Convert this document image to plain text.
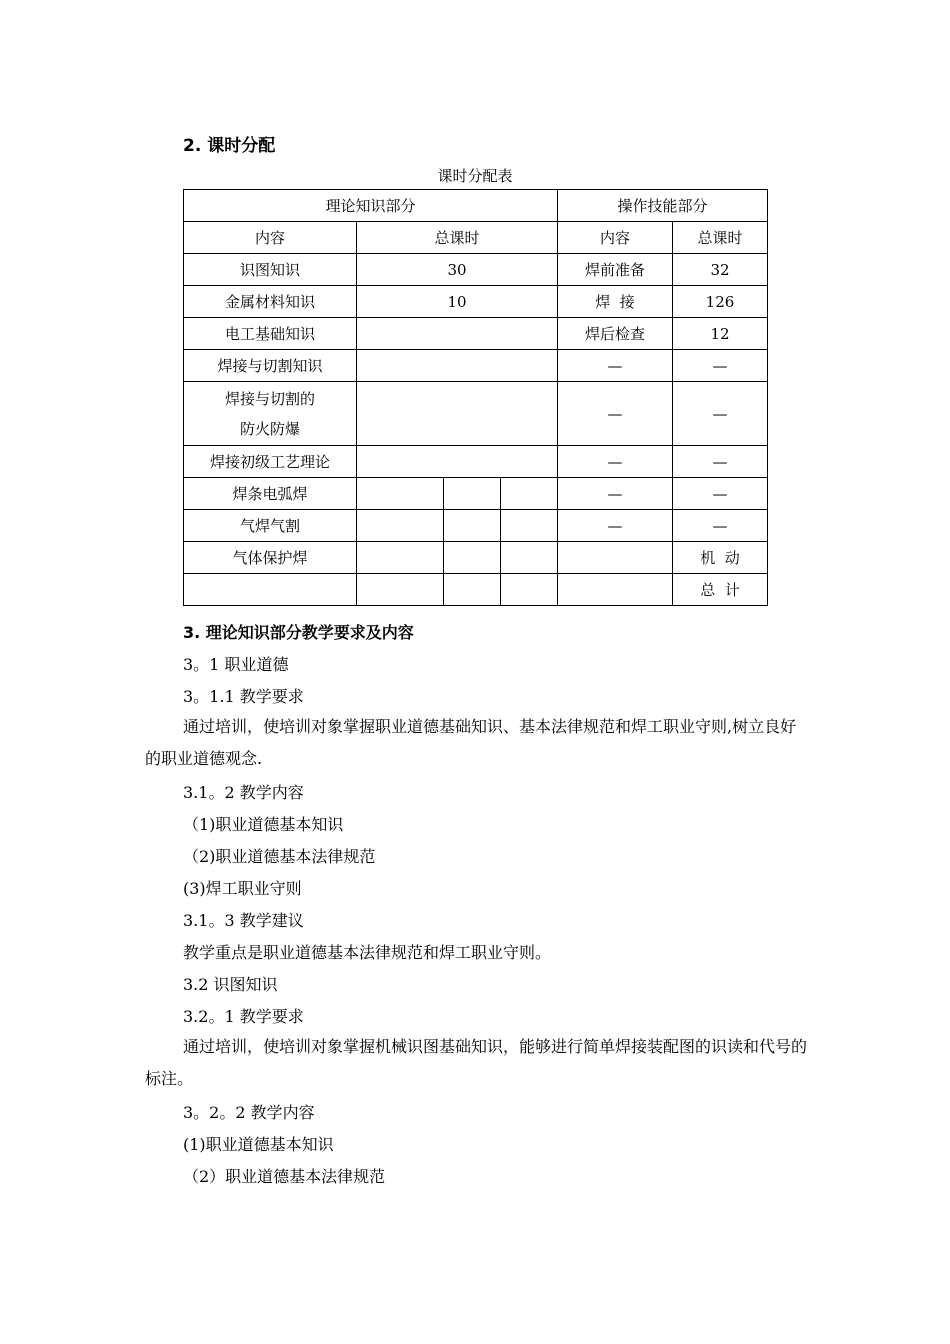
2. 课时分配
课时分配表
理论知识部分				操作技能部分	
内容	总课时			内容	总课时
识图知识	30			焊前准备	32
金属材料知识	10			焊  接	126
电工基础知识				焊后检查	12
焊接与切割知识				—	—

焊接与切割的
防火防爆				—	—
焊接初级工艺理论				—	—
焊条电弧焊				—	—
气焊气割				—	—
气体保护焊					机  动
					总  计
3. 理论知识部分教学要求及内容
3。1 职业道德
3。1.1 教学要求
通过培训，使培训对象掌握职业道德基础知识、基本法律规范和焊工职业守则,树立良好的职业道德观念.
3.1。2 教学内容
（1)职业道德基本知识
（2)职业道德基本法律规范
(3)焊工职业守则
3.1。3 教学建议
教学重点是职业道德基本法律规范和焊工职业守则。
3.2 识图知识
3.2。1 教学要求
通过培训，使培训对象掌握机械识图基础知识，能够进行简单焊接装配图的识读和代号的标注。
3。2。2 教学内容
(1)职业道德基本知识
（2）职业道德基本法律规范
